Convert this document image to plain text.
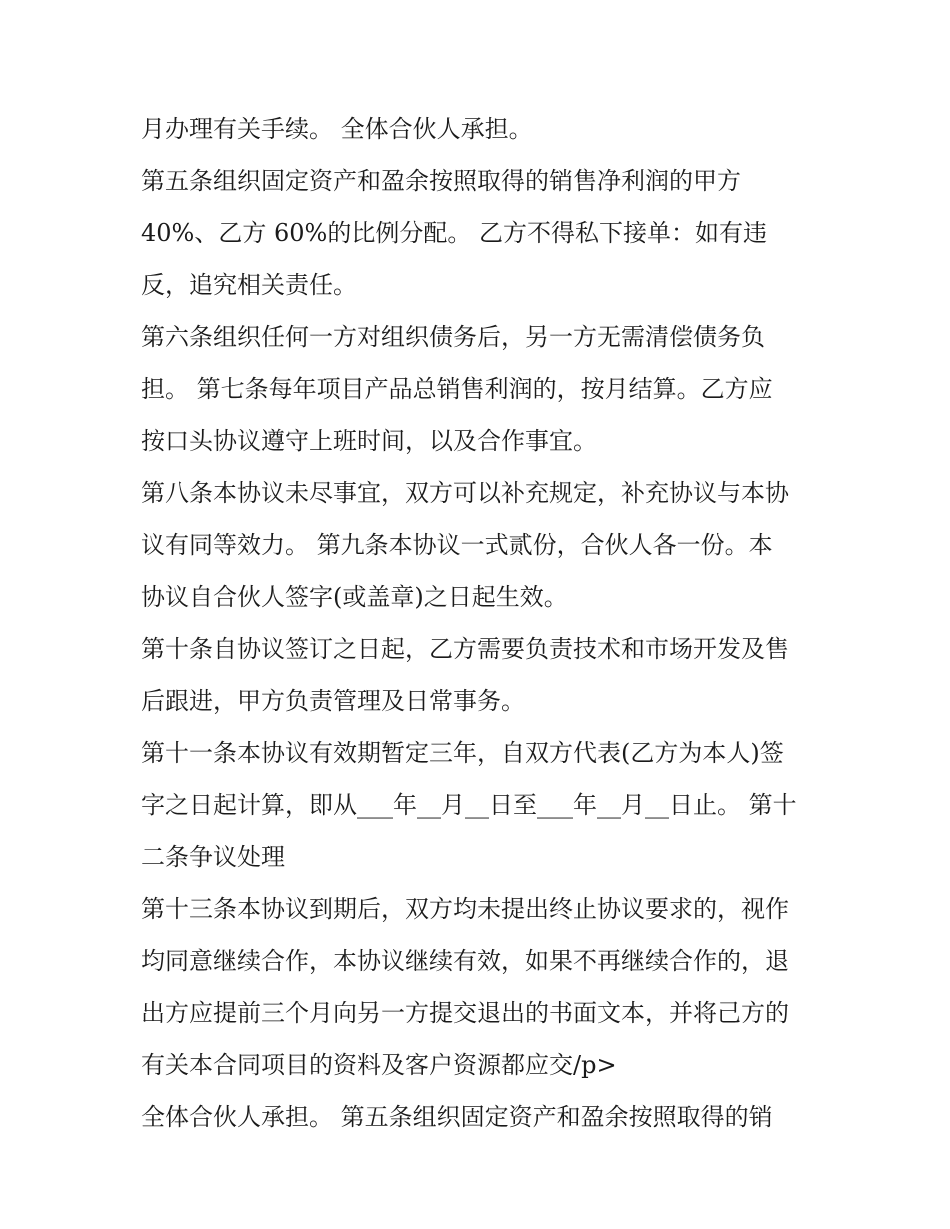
月办理有关手续。 全体合伙人承担。
第五条组织固定资产和盈余按照取得的销售净利润的甲方
40%、乙方 60%的比例分配。 乙方不得私下接单：如有违
反，追究相关责任。
第六条组织任何一方对组织债务后，另一方无需清偿债务负
担。 第七条每年项目产品总销售利润的，按月结算。乙方应
按口头协议遵守上班时间，以及合作事宜。
第八条本协议未尽事宜，双方可以补充规定，补充协议与本协
议有同等效力。 第九条本协议一式贰份，合伙人各一份。本
协议自合伙人签字(或盖章)之日起生效。
第十条自协议签订之日起，乙方需要负责技术和市场开发及售
后跟进，甲方负责管理及日常事务。
第十一条本协议有效期暂定三年，自双方代表(乙方为本人)签
字之日起计算，即从___年__月__日至___年__月__日止。 第十
二条争议处理
第十三条本协议到期后，双方均未提出终止协议要求的，视作
均同意继续合作，本协议继续有效，如果不再继续合作的，退
出方应提前三个月向另一方提交退出的书面文本，并将己方的
有关本合同项目的资料及客户资源都应交/p>
全体合伙人承担。 第五条组织固定资产和盈余按照取得的销
